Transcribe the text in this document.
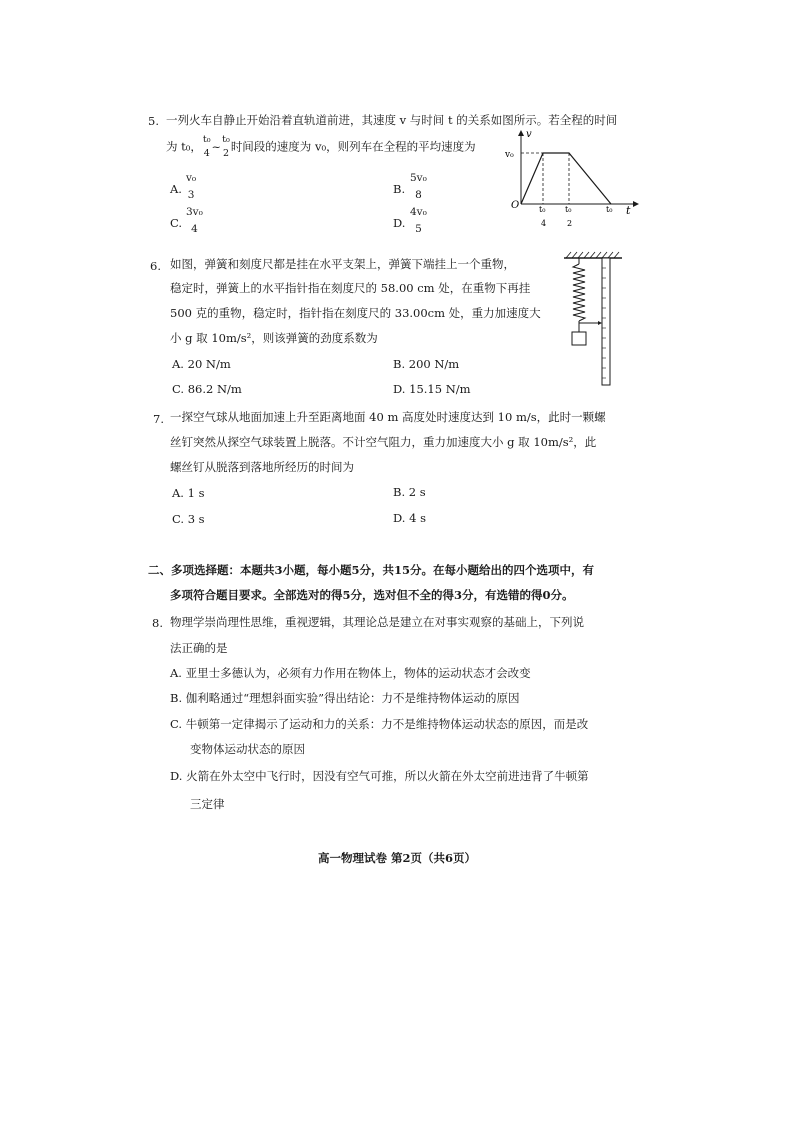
5. 一列火车自静止开始沿着直轨道前进，其速度 v 与时间 t 的关系如图所示。若全程的时间
为 t₀， t₀
4 ~ t₀
2 时间段的速度为 v₀，则列车在全程的平均速度为
A.
v₀
3	B.
5v₀
8
C.
3v₀
4	D.
4v₀
5
v
t
v₀
O t₀
4
t₀
2
t₀
6. 如图，弹簧和刻度尺都是挂在水平支架上，弹簧下端挂上一个重物，
稳定时，弹簧上的水平指针指在刻度尺的 58.00 cm 处，在重物下再挂
500 克的重物，稳定时，指针指在刻度尺的 33.00cm 处，重力加速度大
小 g 取 10m/s²，则该弹簧的劲度系数为
A. 20 N/m	B. 200 N/m
C. 86.2 N/m	D. 15.15 N/m
7. 一探空气球从地面加速上升至距离地面 40 m 高度处时速度达到 10 m/s，此时一颗螺
丝钉突然从探空气球装置上脱落。不计空气阻力，重力加速度大小 g 取 10m/s²，此
螺丝钉从脱落到落地所经历的时间为
A. 1 s	B. 2 s
C. 3 s	D. 4 s
二、多项选择题：本题共3小题，每小题5分，共15分。在每小题给出的四个选项中，有
多项符合题目要求。全部选对的得5分，选对但不全的得3分，有选错的得0分。
8. 物理学崇尚理性思维，重视逻辑，其理论总是建立在对事实观察的基础上，下列说
法正确的是
A. 亚里士多德认为，必须有力作用在物体上，物体的运动状态才会改变
B. 伽利略通过“理想斜面实验”得出结论：力不是维持物体运动的原因
C. 牛顿第一定律揭示了运动和力的关系：力不是维持物体运动状态的原因，而是改
变物体运动状态的原因
D. 火箭在外太空中飞行时，因没有空气可推，所以火箭在外太空前进违背了牛顿第
三定律
高一物理试卷 第2页（共6页）
